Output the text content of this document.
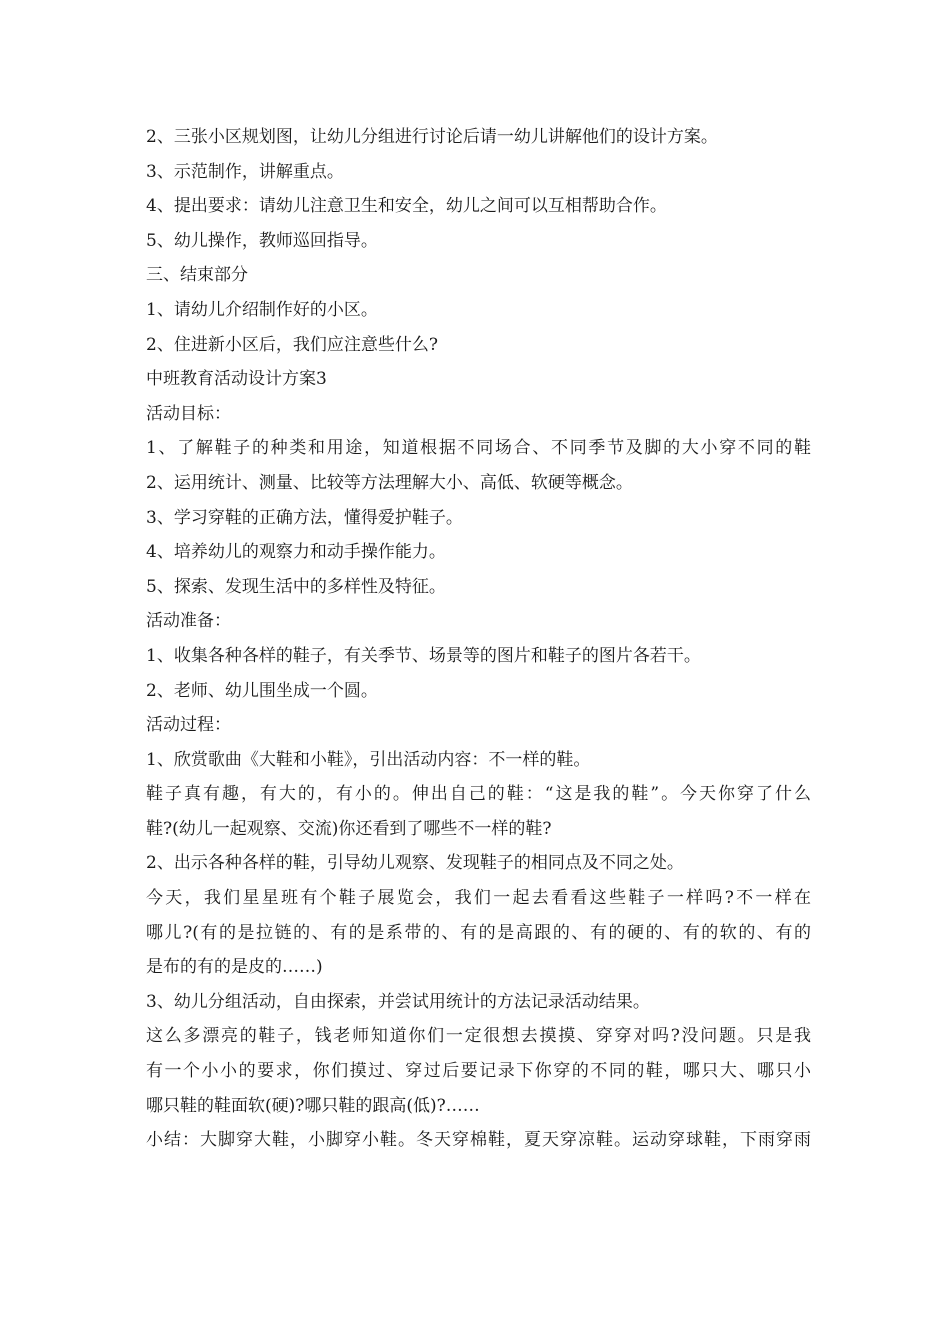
2、三张小区规划图，让幼儿分组进行讨论后请一幼儿讲解他们的设计方案。
3、示范制作，讲解重点。
4、提出要求：请幼儿注意卫生和安全，幼儿之间可以互相帮助合作。
5、幼儿操作，教师巡回指导。
三、结束部分
1、请幼儿介绍制作好的小区。
2、住进新小区后，我们应注意些什么?
中班教育活动设计方案3
活动目标：
1、了解鞋子的种类和用途，知道根据不同场合、不同季节及脚的大小穿不同的鞋
2、运用统计、测量、比较等方法理解大小、高低、软硬等概念。
3、学习穿鞋的正确方法，懂得爱护鞋子。
4、培养幼儿的观察力和动手操作能力。
5、探索、发现生活中的多样性及特征。
活动准备：
1、收集各种各样的鞋子，有关季节、场景等的图片和鞋子的图片各若干。
2、老师、幼儿围坐成一个圆。
活动过程：
1、欣赏歌曲《大鞋和小鞋》，引出活动内容：不一样的鞋。
鞋子真有趣，有大的，有小的。伸出自己的鞋：“这是我的鞋”。今天你穿了什么
鞋?(幼儿一起观察、交流)你还看到了哪些不一样的鞋?
2、出示各种各样的鞋，引导幼儿观察、发现鞋子的相同点及不同之处。
今天，我们星星班有个鞋子展览会，我们一起去看看这些鞋子一样吗?不一样在
哪儿?(有的是拉链的、有的是系带的、有的是高跟的、有的硬的、有的软的、有的
是布的有的是皮的……)
3、幼儿分组活动，自由探索，并尝试用统计的方法记录活动结果。
这么多漂亮的鞋子，钱老师知道你们一定很想去摸摸、穿穿对吗?没问题。只是我
有一个小小的要求，你们摸过、穿过后要记录下你穿的不同的鞋，哪只大、哪只小
哪只鞋的鞋面软(硬)?哪只鞋的跟高(低)?……
小结：大脚穿大鞋，小脚穿小鞋。冬天穿棉鞋，夏天穿凉鞋。运动穿球鞋，下雨穿雨
